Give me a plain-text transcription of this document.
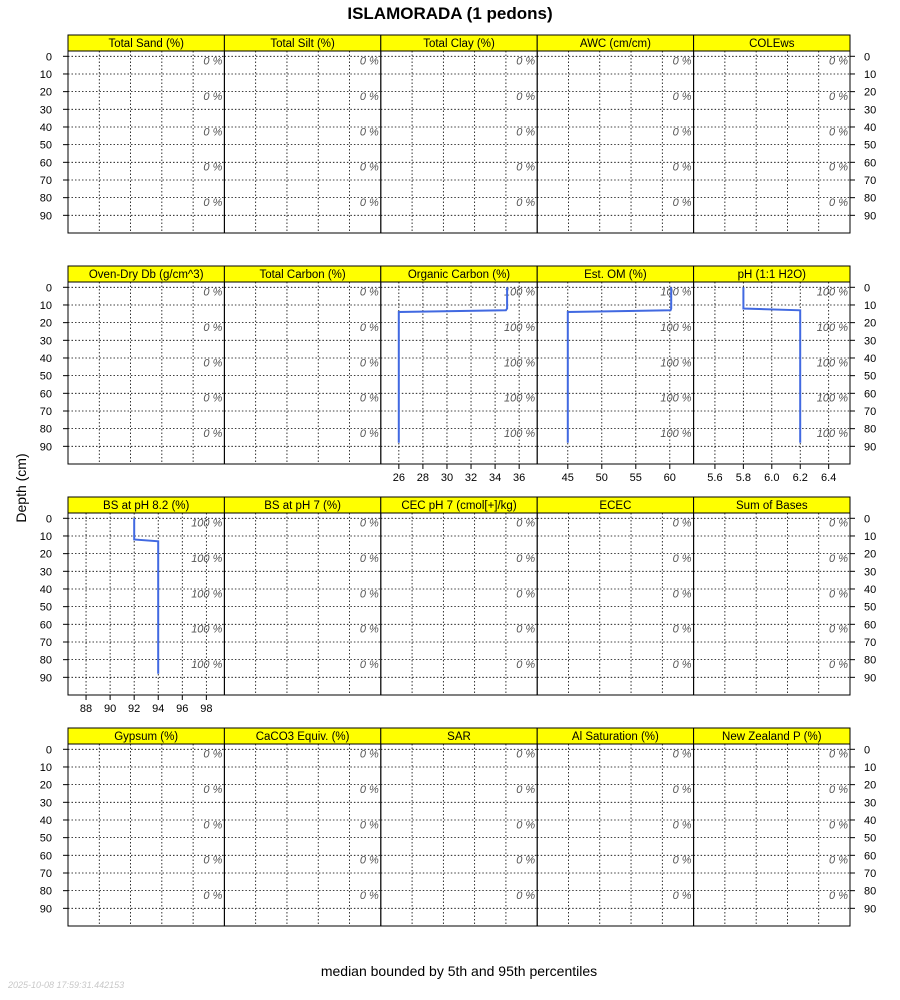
ISLAMORADA (1 pedons)
Total Sand (%)
0 %
0 %
0 %
0 %
0 %
0
10
20
30
40
50
60
70
80
90
Total Silt (%)
0 %
0 %
0 %
0 %
0 %
Total Clay (%)
0 %
0 %
0 %
0 %
0 %
AWC (cm/cm)
0 %
0 %
0 %
0 %
0 %
COLEws
0 %
0 %
0 %
0 %
0 %
0
10
20
30
40
50
60
70
80
90
Oven-Dry Db (g/cm^3)
0 %
0 %
0 %
0 %
0 %
0
10
20
30
40
50
60
70
80
90
Total Carbon (%)
0 %
0 %
0 %
0 %
0 %
Organic Carbon (%)
100 %
100 %
100 %
100 %
100 %
26 28 30 32 34 36
Est. OM (%)
100 %
100 %
100 %
100 %
100 %
45 50 55 60
pH (1:1 H2O)
100 %
100 %
100 %
100 %
100 %
5.6 5.8 6.0 6.2 6.4
0
10
20
30
40
50
60
70
80
90
BS at pH 8.2 (%)
100 %
100 %
100 %
100 %
100 %
88 90 92 94 96 98
0
10
20
30
40
50
60
70
80
90
BS at pH 7 (%)
0 %
0 %
0 %
0 %
0 %
CEC pH 7 (cmol[+]/kg)
0 %
0 %
0 %
0 %
0 %
ECEC
0 %
0 %
0 %
0 %
0 %
Sum of Bases
0 %
0 %
0 %
0 %
0 %
0
10
20
30
40
50
60
70
80
90
Gypsum (%)
0 %
0 %
0 %
0 %
0 %
0
10
20
30
40
50
60
70
80
90
CaCO3 Equiv. (%)
0 %
0 %
0 %
0 %
0 %
SAR
0 %
0 %
0 %
0 %
0 %
Al Saturation (%)
0 %
0 %
0 %
0 %
0 %
New Zealand P (%)
0 %
0 %
0 %
0 %
0 %
0
10
20
30
40
50
60
70
80
90
Depth (cm)
median bounded by 5th and 95th percentiles
2025-10-08 17:59:31.442153
